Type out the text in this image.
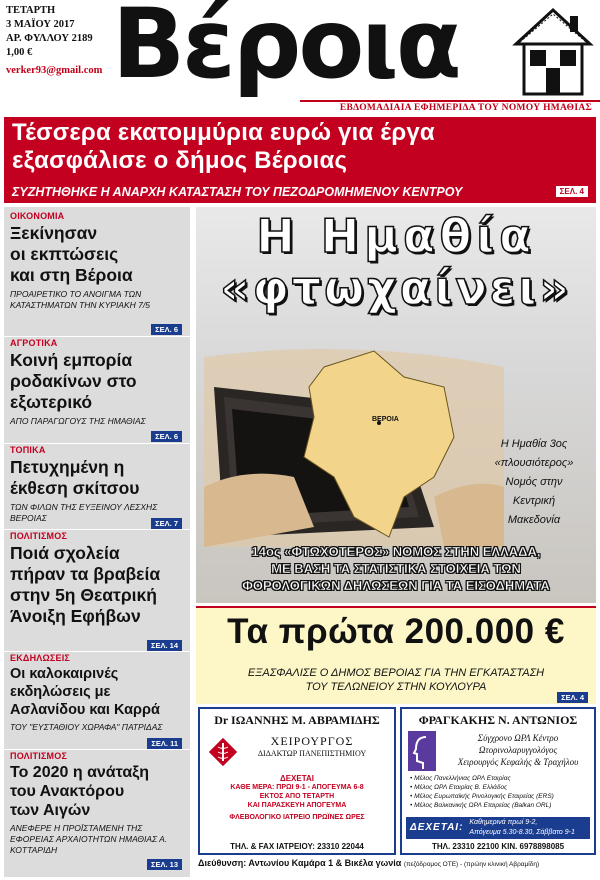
ΤΕΤΑΡΤΗ
3 ΜΑΪΟΥ 2017
ΑΡ. ΦΥΛΛΟΥ 2189
1,00 €
verker93@gmail.com Βέροια
ΕΒΔΟΜΑΔΙΑΙΑ ΕΦΗΜΕΡΙΔΑ ΤΟΥ ΝΟΜΟΥ ΗΜΑΘΙΑΣ
Τέσσερα εκατομμύρια ευρώ για έργα
εξασφάλισε ο δήμος Βέροιας
ΣΥΖΗΤΗΘΗΚΕ Η ΑΝΑΡΧΗ ΚΑΤΑΣΤΑΣΗ ΤΟΥ ΠΕΖΟΔΡΟΜΗΜΕΝΟΥ ΚΕΝΤΡΟΥ	ΣΕΛ. 4
ΟΙΚΟΝΟΜΙΑ
Ξεκίνησαν
οι εκπτώσεις
και στη Βέροια
ΠΡΟΑΙΡΕΤΙΚΟ ΤΟ ΑΝΟΙΓΜΑ ΤΩΝ ΚΑΤΑΣΤΗΜΑΤΩΝ ΤΗΝ ΚΥΡΙΑΚΗ 7/5
ΣΕΛ. 6
ΑΓΡΟΤΙΚΑ
Κοινή εμπορία
ροδακίνων στο
εξωτερικό
ΑΠΟ ΠΑΡΑΓΩΓΟΥΣ ΤΗΣ ΗΜΑΘΙΑΣ
ΣΕΛ. 6
ΤΟΠΙΚΑ
Πετυχημένη η
έκθεση σκίτσου
ΤΩΝ ΦΙΛΩΝ ΤΗΣ ΕΥΞΕΙΝΟΥ ΛΕΣΧΗΣ ΒΕΡΟΙΑΣ
ΣΕΛ. 7
ΠΟΛΙΤΙΣΜΟΣ
Ποιά σχολεία
πήραν τα βραβεία
στην 5η Θεατρική
Άνοιξη Εφήβων
ΣΕΛ. 14
ΕΚΔΗΛΩΣΕΙΣ
Οι καλοκαιρινές
εκδηλώσεις με
Ασλανίδου και Καρρά
ΤΟΥ "ΕΥΣΤΑΘΙΟΥ ΧΩΡΑΦΑ" ΠΑΤΡΙΔΑΣ
ΣΕΛ. 11
ΠΟΛΙΤΙΣΜΟΣ
Το 2020 η ανάταξη
του Ανακτόρου
των Αιγών
ΑΝΕΦΕΡΕ Η ΠΡΟΪΣΤΑΜΕΝΗ ΤΗΣ ΕΦΟΡΕΙΑΣ ΑΡΧΑΙΟΤΗΤΩΝ ΗΜΑΘΙΑΣ Α. ΚΟΤΤΑΡΙΔΗ
ΣΕΛ. 13
ΒΕΡΟΙΑ
Η Ημαθία
«φτωχαίνει»
Η Ημαθία 3ος
«πλουσιότερος»
Νομός στην
Κεντρική
Μακεδονία
14ος «ΦΤΩΧΟΤΕΡΟΣ» ΝΟΜΟΣ ΣΤΗΝ ΕΛΛΑΔΑ,
ΜΕ ΒΑΣΗ ΤΑ ΣΤΑΤΙΣΤΙΚΑ ΣΤΟΙΧΕΙΑ ΤΩΝ
ΦΟΡΟΛΟΓΙΚΩΝ ΔΗΛΩΣΕΩΝ ΓΙΑ ΤΑ ΕΙΣΟΔΗΜΑΤΑ
Τα πρώτα 200.000 €
ΕΞΑΣΦΑΛΙΣΕ Ο ΔΗΜΟΣ ΒΕΡΟΙΑΣ ΓΙΑ ΤΗΝ ΕΓΚΑΤΑΣΤΑΣΗ
ΤΟΥ ΤΕΛΩΝΕΙΟΥ ΣΤΗΝ ΚΟΥΛΟΥΡΑ
ΣΕΛ. 4
Dr ΙΩΑΝΝΗΣ Μ. ΑΒΡΑΜΙΔΗΣ
ΧΕΙΡΟΥΡΓΟΣ
ΔΙΔΑΚΤΩΡ ΠΑΝΕΠΙΣΤΗΜΙΟΥ
ΔΕΧΕΤΑΙ
ΚΑΘΕ ΜΕΡΑ: ΠΡΩΙ 9-1 - ΑΠΟΓΕΥΜΑ 6-8
ΕΚΤΟΣ ΑΠΟ ΤΕΤΑΡΤΗ
ΚΑΙ ΠΑΡΑΣΚΕΥΗ ΑΠΟΓΕΥΜΑ
ΦΛΕΒΟΛΟΓΙΚΟ ΙΑΤΡΕΙΟ ΠΡΩΪΝΕΣ ΩΡΕΣ
ΤΗΛ. & FAX ΙΑΤΡΕΙΟΥ: 23310 22044
ΦΡΑΓΚΑΚΗΣ Ν. ΑΝΤΩΝΙΟΣ
Σύγχρονο ΩΡΛ Κέντρο
Ωτορινολαρυγγολόγος
Χειρουργός Κεφαλής & Τραχήλου
• Μέλος Πανελλήνιας ΩΡΛ Εταιρίας
• Μέλος ΩΡΛ Εταιρίας Β. Ελλάδος
• Μέλος Ευρωπαϊκής Ρινολογικής Εταιρείας (ERS)
• Μέλος Βαλκανικής ΩΡΛ Εταιρείας (Balkan ORL)
ΔΕΧΕΤΑΙ: Καθημερινά πρωί 9-2,
Απόγευμα 5.30-8.30, Σάββατο 9-1
ΤΗΛ. 23310 22100 ΚΙΝ. 6978898085
Διεύθυνση: Αντωνίου Καμάρα 1 & Βικέλα γωνία (πεζόδρομος ΟΤΕ) - (πρώην κλινική Αβραμίδη)
